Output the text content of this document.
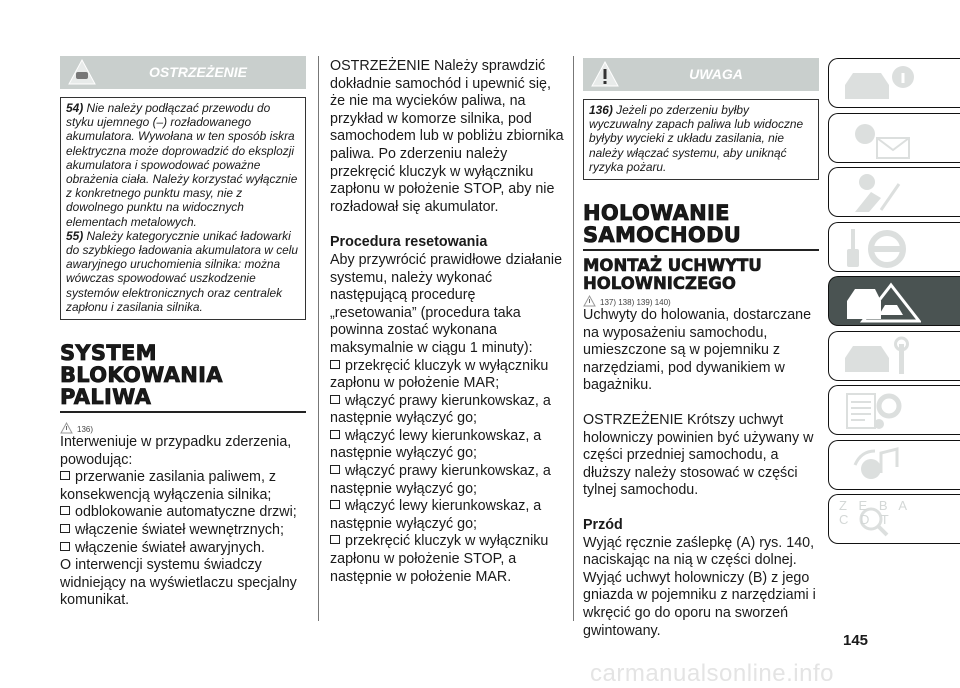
OSTRZEŻENIE
54) Nie należy podłączać przewodu do styku ujemnego (–) rozładowanego akumulatora. Wywołana w ten sposób iskra elektryczna może doprowadzić do eksplozji akumulatora i spowodować poważne obrażenia ciała. Należy korzystać wyłącznie z konkretnego punktu masy, nie z dowolnego punktu na widocznych elementach metalowych.
55) Należy kategorycznie unikać ładowarki do szybkiego ładowania akumulatora w celu awaryjnego uruchomienia silnika: można wówczas spowodować uszkodzenie systemów elektronicznych oraz centralek zapłonu i zasilania silnika.

SYSTEM

BLOKOWANIA

PALIWA

136)

Interweniuje w przypadku zderzenia, powodując:

przerwanie zasilania paliwem, z konsekwencją wyłączenia silnika;

odblokowanie automatyczne drzwi;

włączenie świateł wewnętrznych;

włączenie świateł awaryjnych.

O interwencji systemu świadczy widniejący na wyświetlaczu specjalny komunikat.

OSTRZEŻENIE Należy sprawdzić dokładnie samochód i upewnić się, że nie ma wycieków paliwa, na przykład w komorze silnika, pod samochodem lub w pobliżu zbiornika paliwa. Po zderzeniu należy przekręcić kluczyk w wyłączniku zapłonu w położenie STOP, aby nie rozładował się akumulator.

Procedura resetowania

Aby przywrócić prawidłowe działanie systemu, należy wykonać następującą procedurę „resetowania” (procedura taka powinna zostać wykonana maksymalnie w ciągu 1 minuty):

przekręcić kluczyk w wyłączniku zapłonu w położenie MAR;

włączyć prawy kierunkowskaz, a następnie wyłączyć go;

włączyć lewy kierunkowskaz, a następnie wyłączyć go;

włączyć prawy kierunkowskaz, a następnie wyłączyć go;

włączyć lewy kierunkowskaz, a następnie wyłączyć go;

przekręcić kluczyk w wyłączniku zapłonu w położenie STOP, a następnie w położenie MAR.

UWAGA
136) Jeżeli po zderzeniu byłby wyczuwalny zapach paliwa lub widoczne byłyby wycieki z układu zasilania, nie należy włączać systemu, aby uniknąć ryzyka pożaru.

HOLOWANIE

SAMOCHODU

MONTAŻ UCHWYTU

HOLOWNICZEGO

137) 138) 139) 140)

Uchwyty do holowania, dostarczane na wyposażeniu samochodu, umieszczone są w pojemniku z narzędziami, pod dywanikiem w bagażniku.

OSTRZEŻENIE Krótszy uchwyt holowniczy powinien być używany w części przedniej samochodu, a dłuższy należy stosować w części tylnej samochodu.

Przód

Wyjąć ręcznie zaślepkę (A) rys. 140, naciskając na nią w części dolnej. Wyjąć uchwyt holowniczy (B) z jego gniazda w pojemniku z narzędziami i wkręcić go do oporu na sworzeń gwintowany.

Z E B A C D T
145
carmanualsonline.info
